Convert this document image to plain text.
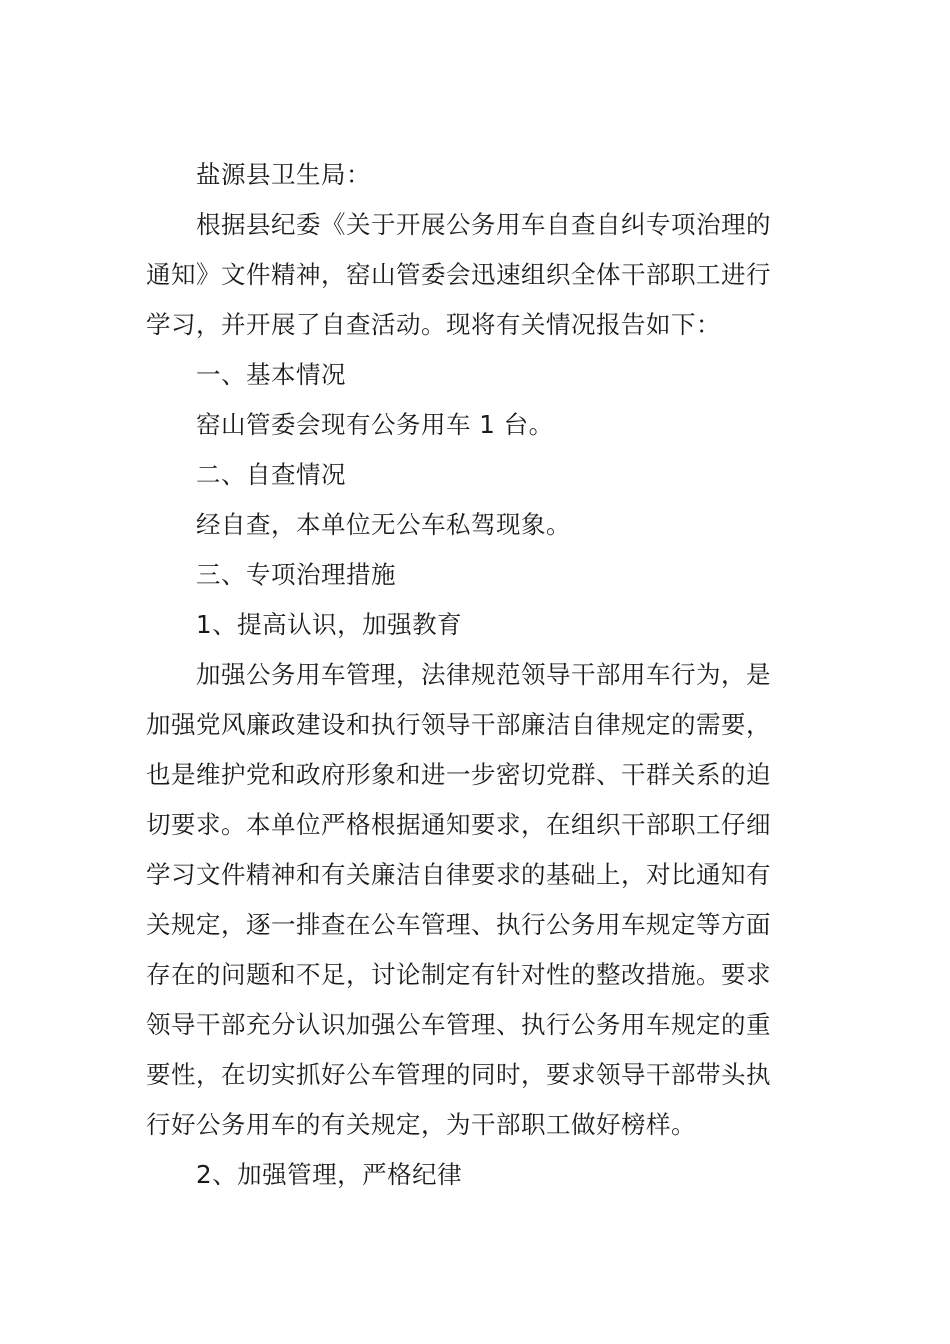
盐源县卫生局：
根据县纪委《关于开展公务用车自查自纠专项治理的
通知》文件精神，窑山管委会迅速组织全体干部职工进行
学习，并开展了自查活动。现将有关情况报告如下：
一、基本情况
窑山管委会现有公务用车 1 台。
二、自查情况
经自查，本单位无公车私驾现象。
三、专项治理措施
1、提高认识，加强教育
加强公务用车管理，法律规范领导干部用车行为，是
加强党风廉政建设和执行领导干部廉洁自律规定的需要，
也是维护党和政府形象和进一步密切党群、干群关系的迫
切要求。本单位严格根据通知要求，在组织干部职工仔细
学习文件精神和有关廉洁自律要求的基础上，对比通知有
关规定，逐一排查在公车管理、执行公务用车规定等方面
存在的问题和不足，讨论制定有针对性的整改措施。要求
领导干部充分认识加强公车管理、执行公务用车规定的重
要性，在切实抓好公车管理的同时，要求领导干部带头执
行好公务用车的有关规定，为干部职工做好榜样。
2、加强管理，严格纪律
